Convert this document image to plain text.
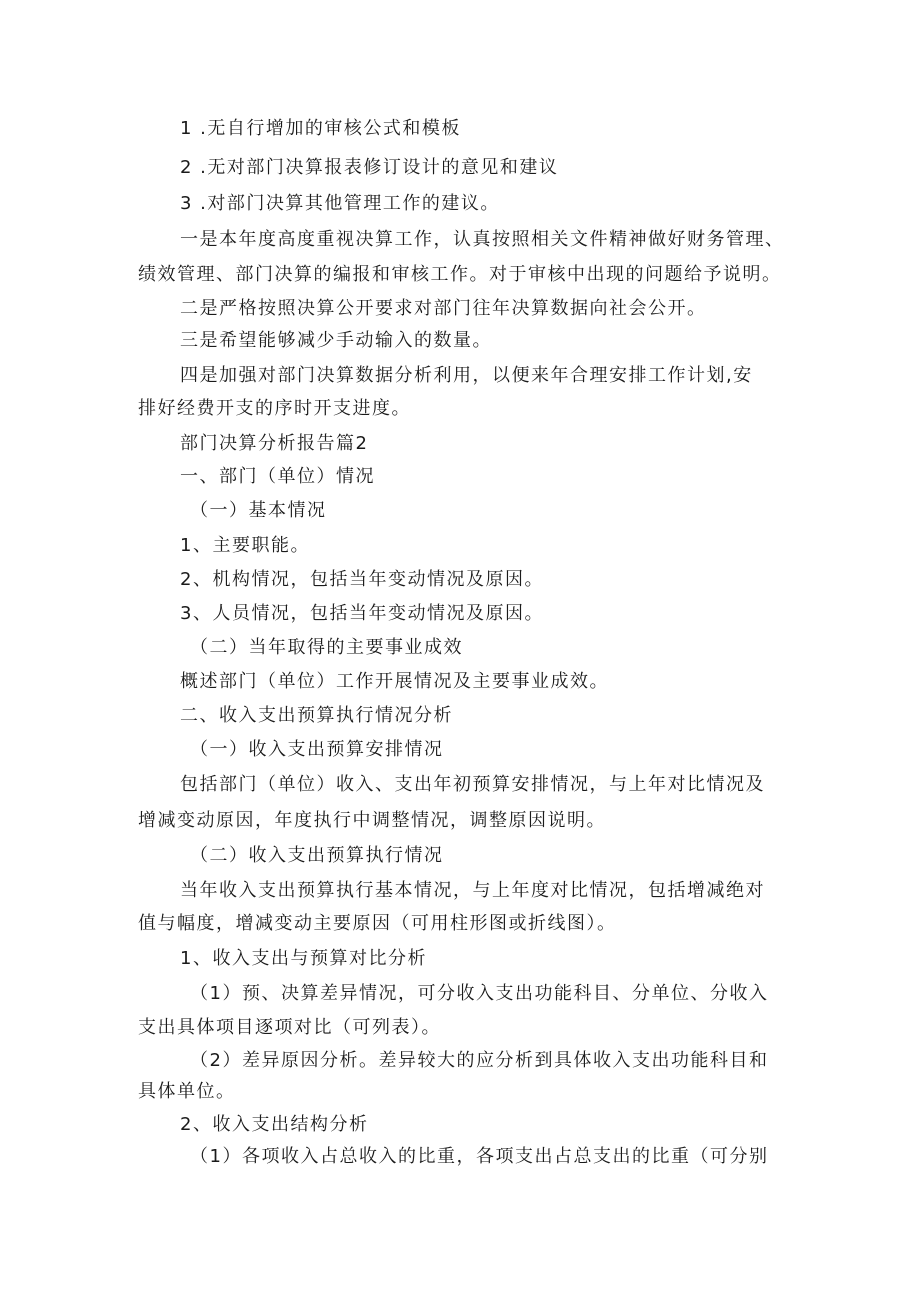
1 .无自行增加的审核公式和模板
2 .无对部门决算报表修订设计的意见和建议
3 .对部门决算其他管理工作的建议。
一是本年度高度重视决算工作，认真按照相关文件精神做好财务管理、
绩效管理、部门决算的编报和审核工作。对于审核中出现的问题给予说明。
二是严格按照决算公开要求对部门往年决算数据向社会公开。
三是希望能够减少手动输入的数量。
四是加强对部门决算数据分析利用，以便来年合理安排工作计划,安
排好经费开支的序时开支进度。
部门决算分析报告篇2
一、部门（单位）情况
（一）基本情况
1、主要职能。
2、机构情况，包括当年变动情况及原因。
3、人员情况，包括当年变动情况及原因。
（二）当年取得的主要事业成效
概述部门（单位）工作开展情况及主要事业成效。
二、收入支出预算执行情况分析
（一）收入支出预算安排情况
包括部门（单位）收入、支出年初预算安排情况，与上年对比情况及
增减变动原因，年度执行中调整情况，调整原因说明。
（二）收入支出预算执行情况
当年收入支出预算执行基本情况，与上年度对比情况，包括增减绝对
值与幅度，增减变动主要原因（可用柱形图或折线图）。
1、收入支出与预算对比分析
（1）预、决算差异情况，可分收入支出功能科目、分单位、分收入
支出具体项目逐项对比（可列表）。
（2）差异原因分析。差异较大的应分析到具体收入支出功能科目和
具体单位。
2、收入支出结构分析
（1）各项收入占总收入的比重，各项支出占总支出的比重（可分别
